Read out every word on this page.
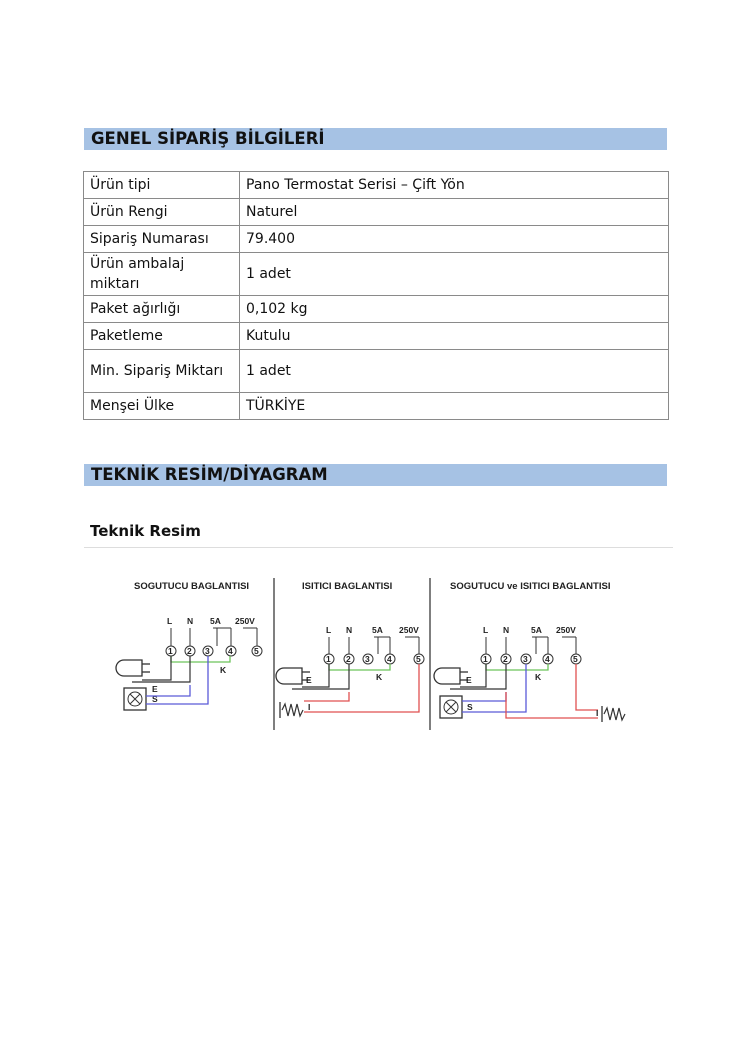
GENEL SİPARİŞ BİLGİLERİ
Ürün tipi	Pano Termostat Serisi – Çift Yön
Ürün Rengi	Naturel
Sipariş Numarası	79.400
Ürün ambalaj miktarı	1 adet
Paket ağırlığı	0,102 kg
Paketleme	Kutulu
Min. Sipariş Miktarı	1 adet
Menşei Ülke	TÜRKİYE
TEKNİK RESİM/DİYAGRAM
Teknik Resim
SOGUTUCU BAGLANTISI
L N 5A 250V
1 2 3 4	5
K
E
S
ISITICI BAGLANTISI
L N 5A 250V
1 2 3 4	5
K
E
I
SOGUTUCU ve ISITICI BAGLANTISI
L N	5A 250V
1 2 3 4	5
K
E
S
I
